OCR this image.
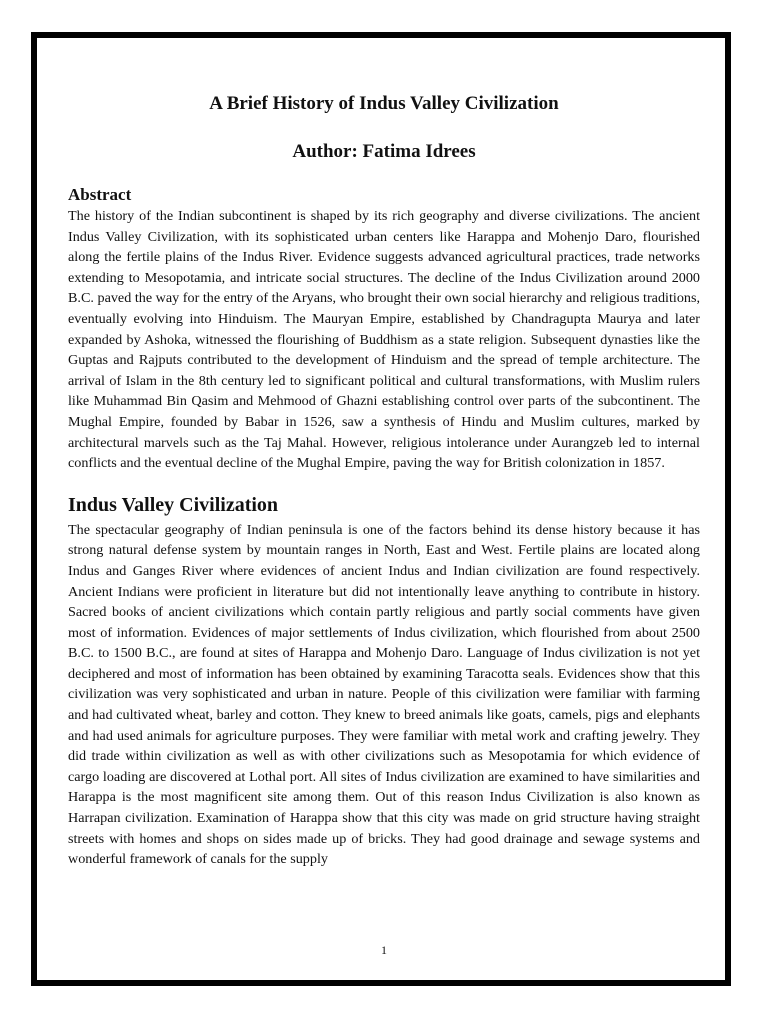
A Brief History of Indus Valley Civilization
Author: Fatima Idrees
Abstract

The history of the Indian subcontinent is shaped by its rich geography and diverse civilizations. The ancient Indus Valley Civilization, with its sophisticated urban centers like Harappa and Mohenjo Daro, flourished along the fertile plains of the Indus River. Evidence suggests advanced agricultural practices, trade networks extending to Mesopotamia, and intricate social structures. The decline of the Indus Civilization around 2000 B.C. paved the way for the entry of the Aryans, who brought their own social hierarchy and religious traditions, eventually evolving into Hinduism. The Mauryan Empire, established by Chandragupta Maurya and later expanded by Ashoka, witnessed the flourishing of Buddhism as a state religion. Subsequent dynasties like the Guptas and Rajputs contributed to the development of Hinduism and the spread of temple architecture. The arrival of Islam in the 8th century led to significant political and cultural transformations, with Muslim rulers like Muhammad Bin Qasim and Mehmood of Ghazni establishing control over parts of the subcontinent. The Mughal Empire, founded by Babar in 1526, saw a synthesis of Hindu and Muslim cultures, marked by architectural marvels such as the Taj Mahal. However, religious intolerance under Aurangzeb led to internal conflicts and the eventual decline of the Mughal Empire, paving the way for British colonization in 1857.

Indus Valley Civilization

The spectacular geography of Indian peninsula is one of the factors behind its dense history because it has strong natural defense system by mountain ranges in North, East and West. Fertile plains are located along Indus and Ganges River where evidences of ancient Indus and Indian civilization are found respectively. Ancient Indians were proficient in literature but did not intentionally leave anything to contribute in history. Sacred books of ancient civilizations which contain partly religious and partly social comments have given most of information. Evidences of major settlements of Indus civilization, which flourished from about 2500 B.C. to 1500 B.C., are found at sites of Harappa and Mohenjo Daro. Language of Indus civilization is not yet deciphered and most of information has been obtained by examining Taracotta seals. Evidences show that this civilization was very sophisticated and urban in nature. People of this civilization were familiar with farming and had cultivated wheat, barley and cotton. They knew to breed animals like goats, camels, pigs and elephants and had used animals for agriculture purposes. They were familiar with metal work and crafting jewelry. They did trade within civilization as well as with other civilizations such as Mesopotamia for which evidence of cargo loading are discovered at Lothal port. All sites of Indus civilization are examined to have similarities and Harappa is the most magnificent site among them. Out of this reason Indus Civilization is also known as Harrapan civilization. Examination of Harappa show that this city was made on grid structure having straight streets with homes and shops on sides made up of bricks. They had good drainage and sewage systems and wonderful framework of canals for the supply

1
